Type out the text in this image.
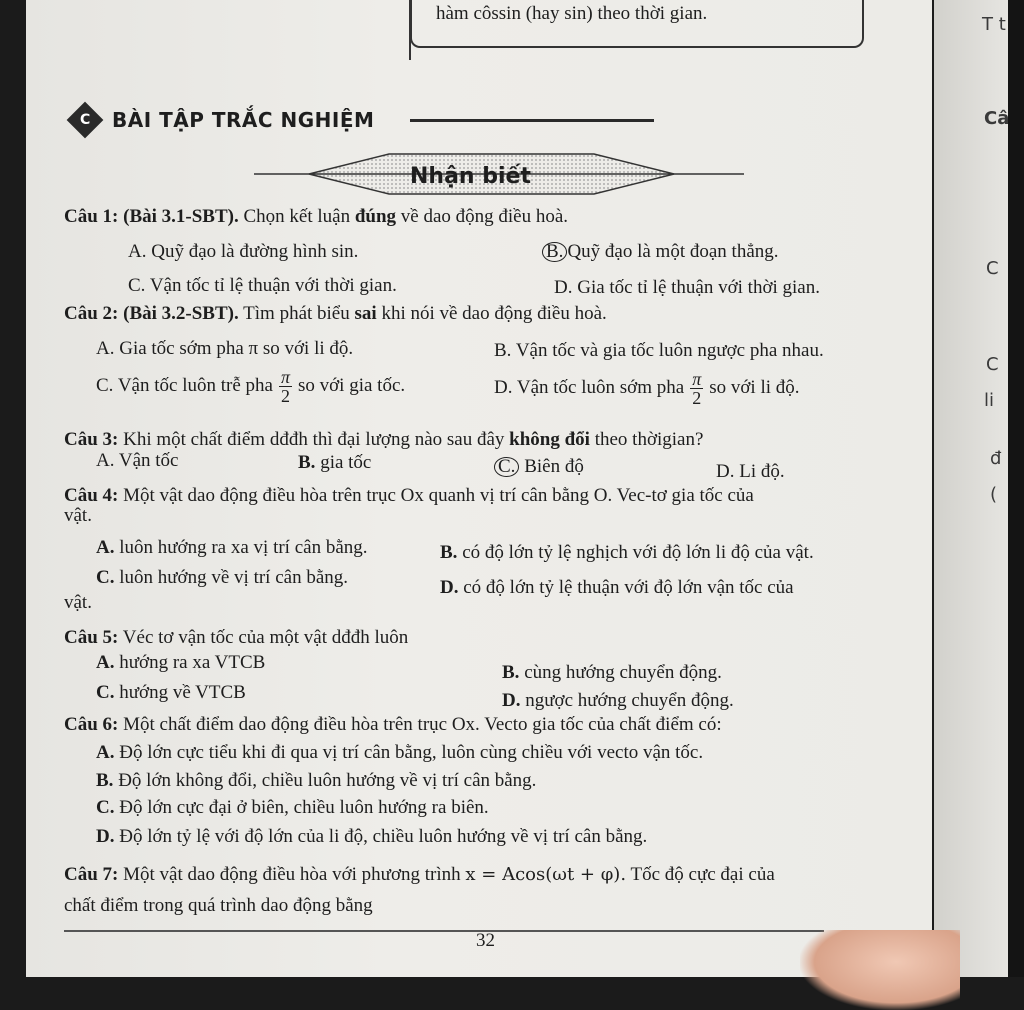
hàm côssin (hay sin) theo thời gian.
C BÀI TẬP TRẮC NGHIỆM
Nhận biết
Câu 1: (Bài 3.1-SBT). Chọn kết luận đúng về dao động điều hoà.
A. Quỹ đạo là đường hình sin.	B. Quỹ đạo là một đoạn thẳng.
C. Vận tốc tỉ lệ thuận với thời gian.	D. Gia tốc tỉ lệ thuận với thời gian.
Câu 2: (Bài 3.2-SBT). Tìm phát biểu sai khi nói về dao động điều hoà.
A. Gia tốc sớm pha π so với li độ.	B. Vận tốc và gia tốc luôn ngược pha nhau.
C. Vận tốc luôn trễ pha $\frac{\pi}{2}$ so với gia tốc.	D. Vận tốc luôn sớm pha $\frac{\pi}{2}$ so với li độ.
Câu 3: Khi một chất điểm dđđh thì đại lượng nào sau đây không đổi theo thờigian?
A. Vận tốc	B. gia tốc	C. Biên độ	D. Li độ.
Câu 4: Một vật dao động điều hòa trên trục Ox quanh vị trí cân bằng O. Vec-tơ gia tốc của
vật.
A. luôn hướng ra xa vị trí cân bằng.	B. có độ lớn tỷ lệ nghịch với độ lớn li độ của vật.
C. luôn hướng về vị trí cân bằng.	D. có độ lớn tỷ lệ thuận với độ lớn vận tốc của
vật.
Câu 5: Véc tơ vận tốc của một vật dđđh luôn
A. hướng ra xa VTCB	B. cùng hướng chuyển động.
C. hướng về VTCB	D. ngược hướng chuyển động.
Câu 6: Một chất điểm dao động điều hòa trên trục Ox. Vecto gia tốc của chất điểm có:
A. Độ lớn cực tiểu khi đi qua vị trí cân bằng, luôn cùng chiều với vecto vận tốc.
B. Độ lớn không đổi, chiều luôn hướng về vị trí cân bằng.
C. Độ lớn cực đại ở biên, chiều luôn hướng ra biên.
D. Độ lớn tỷ lệ với độ lớn của li độ, chiều luôn hướng về vị trí cân bằng.
Câu 7: Một vật dao động điều hòa với phương trình x = Acos(ωt + φ). Tốc độ cực đại của
chất điểm trong quá trình dao động bằng
32
T t
Câ
C
C
li
đ
(
